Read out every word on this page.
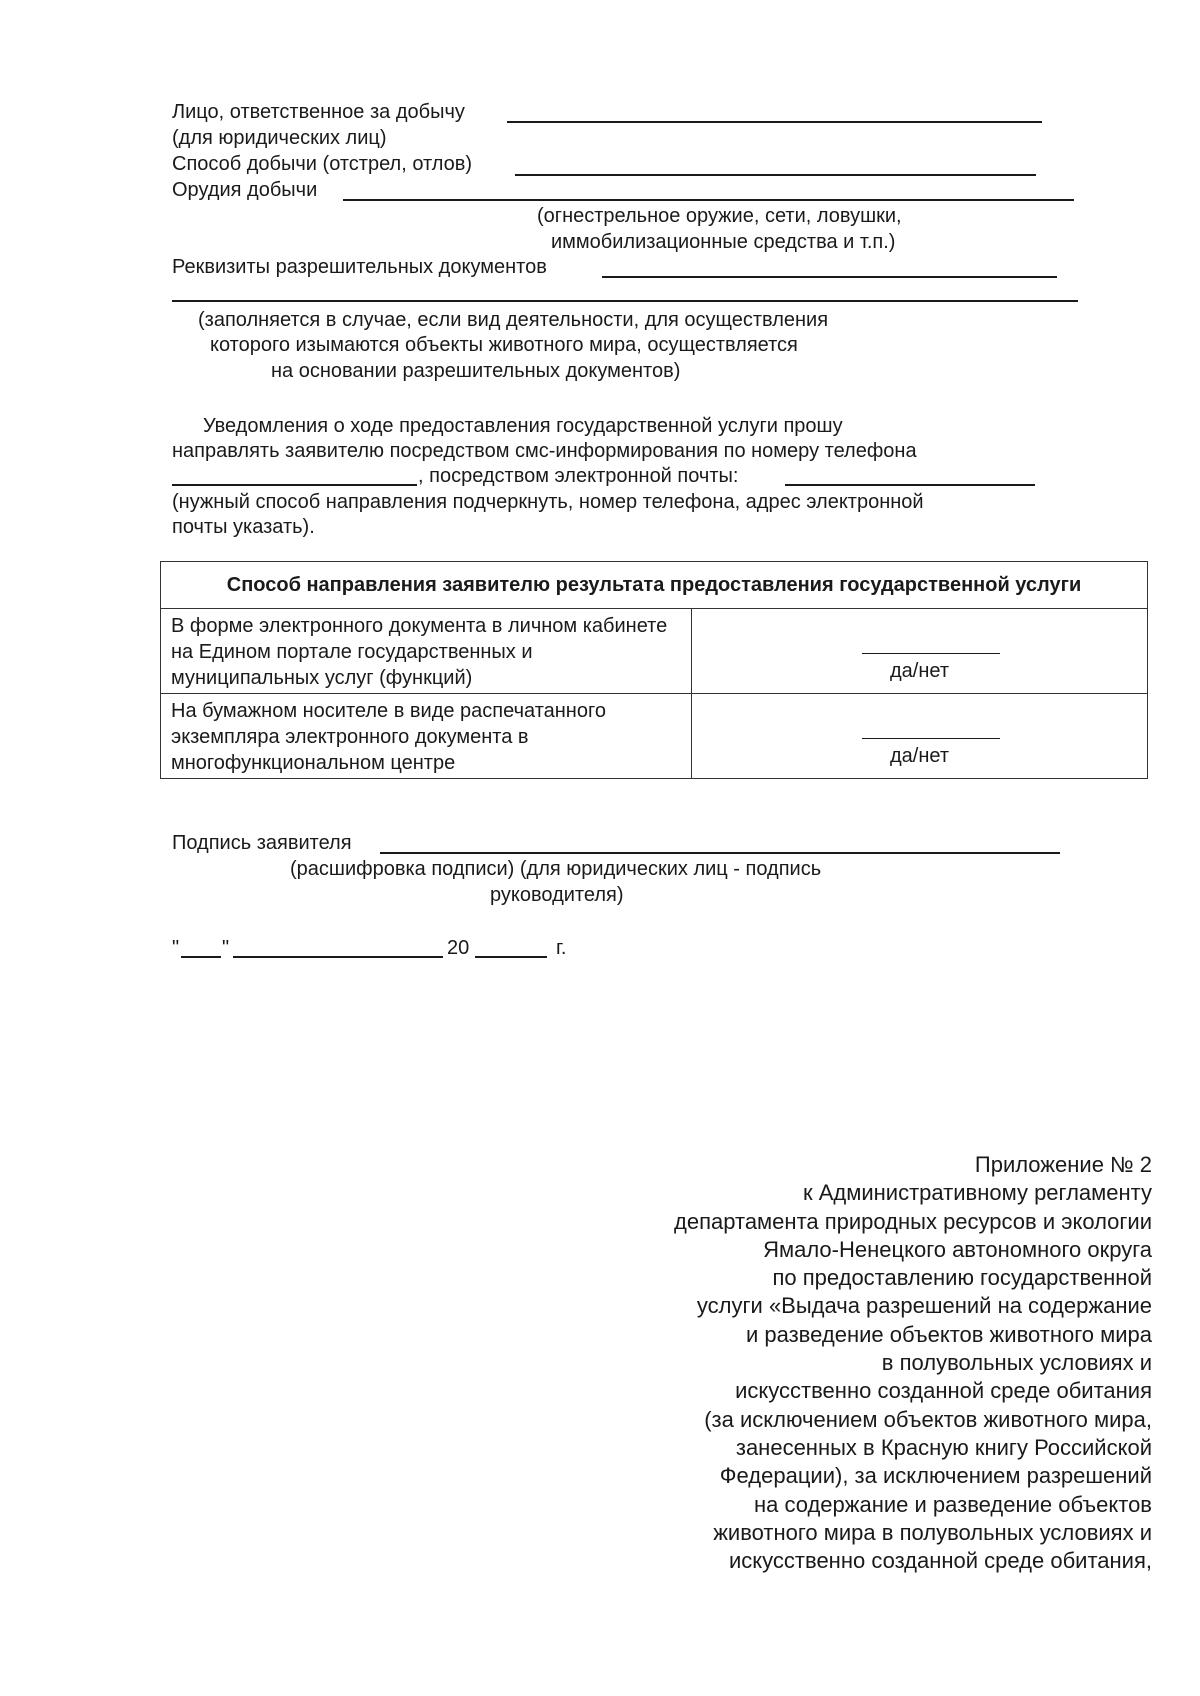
Лицо, ответственное за добычу
(для юридических лиц)
Способ добычи (отстрел, отлов)
Орудия добычи
(огнестрельное оружие, сети, ловушки,
иммобилизационные средства и т.п.)
Реквизиты разрешительных документов
(заполняется в случае, если вид деятельности, для осуществления
которого изымаются объекты животного мира, осуществляется
на основании разрешительных документов)
Уведомления о ходе предоставления государственной услуги прошу
направлять заявителю посредством смс-информирования по номеру телефона
, посредством электронной почты:
(нужный способ направления подчеркнуть, номер телефона, адрес электронной
почты указать).
Способ направления заявителю результата предоставления государственной услуги	
В форме электронного документа в личном кабинете на Едином портале государственных и муниципальных услуг (функций)	да/нет

На бумажном носителе в виде распечатанного экземпляра электронного документа в многофункциональном центре	да/нет
Подпись заявителя
(расшифровка подписи) (для юридических лиц - подпись
руководителя)
" "	20	г.
Приложение № 2
к Административному регламенту
департамента природных ресурсов и экологии
Ямало-Ненецкого автономного округа
по предоставлению государственной
услуги «Выдача разрешений на содержание
и разведение объектов животного мира
в полувольных условиях и
искусственно созданной среде обитания
(за исключением объектов животного мира,
занесенных в Красную книгу Российской
Федерации), за исключением разрешений
на содержание и разведение объектов
животного мира в полувольных условиях и
искусственно созданной среде обитания,
